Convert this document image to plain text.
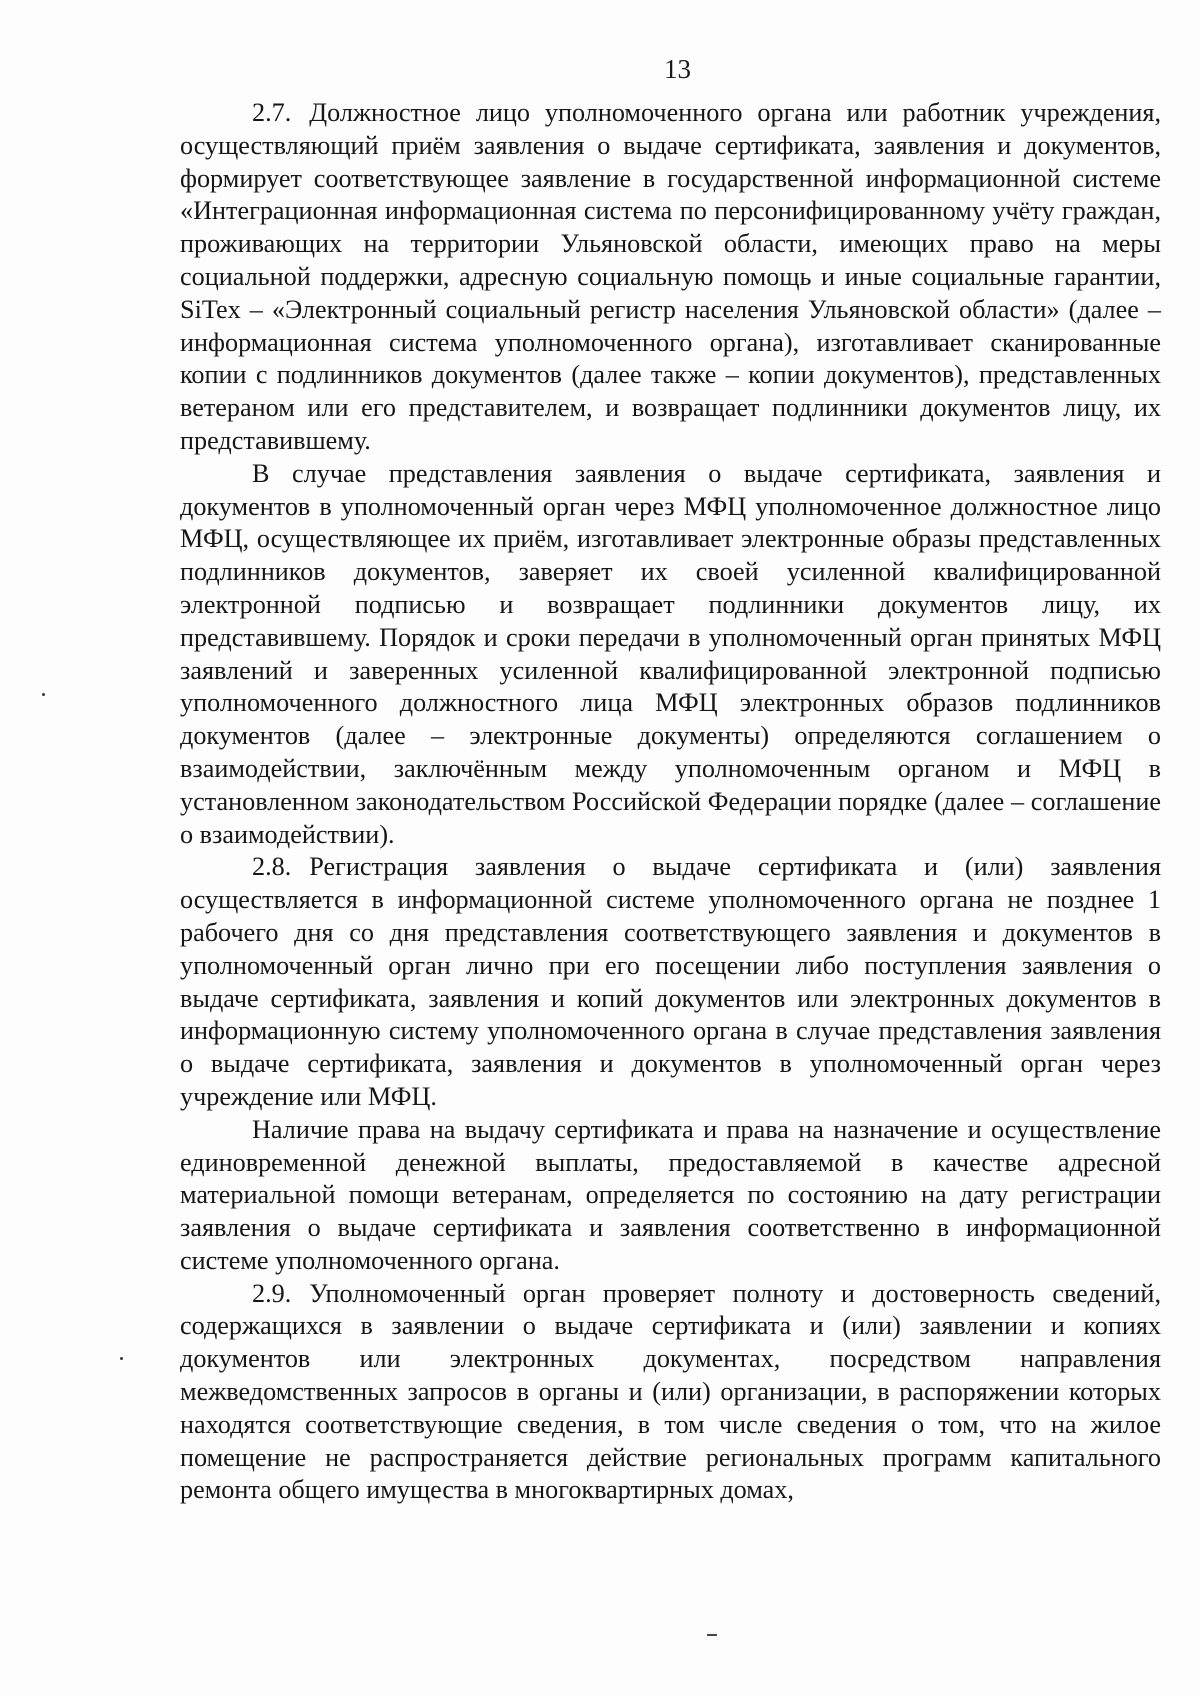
13

2.7. Должностное лицо уполномоченного органа или работник учреждения, осуществляющий приём заявления о выдаче сертификата, заявления и документов, формирует соответствующее заявление в государственной информационной системе «Интеграционная информационная система по персонифицированному учёту граждан, проживающих на территории Ульяновской области, имеющих право на меры социальной поддержки, адресную социальную помощь и иные социальные гарантии, SiTex – «Электронный социальный регистр населения Ульяновской области» (далее – информационная система уполномоченного органа), изготавливает сканированные копии с подлинников документов (далее также – копии документов), представленных ветераном или его представителем, и возвращает подлинники документов лицу, их представившему.

В случае представления заявления о выдаче сертификата, заявления и документов в уполномоченный орган через МФЦ уполномоченное должностное лицо МФЦ, осуществляющее их приём, изготавливает электронные образы представленных подлинников документов, заверяет их своей усиленной квалифицированной электронной подписью и возвращает подлинники документов лицу, их представившему. Порядок и сроки передачи в уполномоченный орган принятых МФЦ заявлений и заверенных усиленной квалифицированной электронной подписью уполномоченного должностного лица МФЦ электронных образов подлинников документов (далее – электронные документы) определяются соглашением о взаимодействии, заключённым между уполномоченным органом и МФЦ в установленном законодательством Российской Федерации порядке (далее – соглашение о взаимодействии).

2.8. Регистрация заявления о выдаче сертификата и (или) заявления осуществляется в информационной системе уполномоченного органа не позднее 1 рабочего дня со дня представления соответствующего заявления и документов в уполномоченный орган лично при его посещении либо поступления заявления о выдаче сертификата, заявления и копий документов или электронных документов в информационную систему уполномоченного органа в случае представления заявления о выдаче сертификата, заявления и документов в уполномоченный орган через учреждение или МФЦ.

Наличие права на выдачу сертификата и права на назначение и осуществление единовременной денежной выплаты, предоставляемой в качестве адресной материальной помощи ветеранам, определяется по состоянию на дату регистрации заявления о выдаче сертификата и заявления соответственно в информационной системе уполномоченного органа.

2.9. Уполномоченный орган проверяет полноту и достоверность сведений, содержащихся в заявлении о выдаче сертификата и (или) заявлении и копиях документов или электронных документах, посредством направления межведомственных запросов в органы и (или) организации, в распоряжении которых находятся соответствующие сведения, в том числе сведения о том, что на жилое помещение не распространяется действие региональных программ капитального ремонта общего имущества в многоквартирных домах,
